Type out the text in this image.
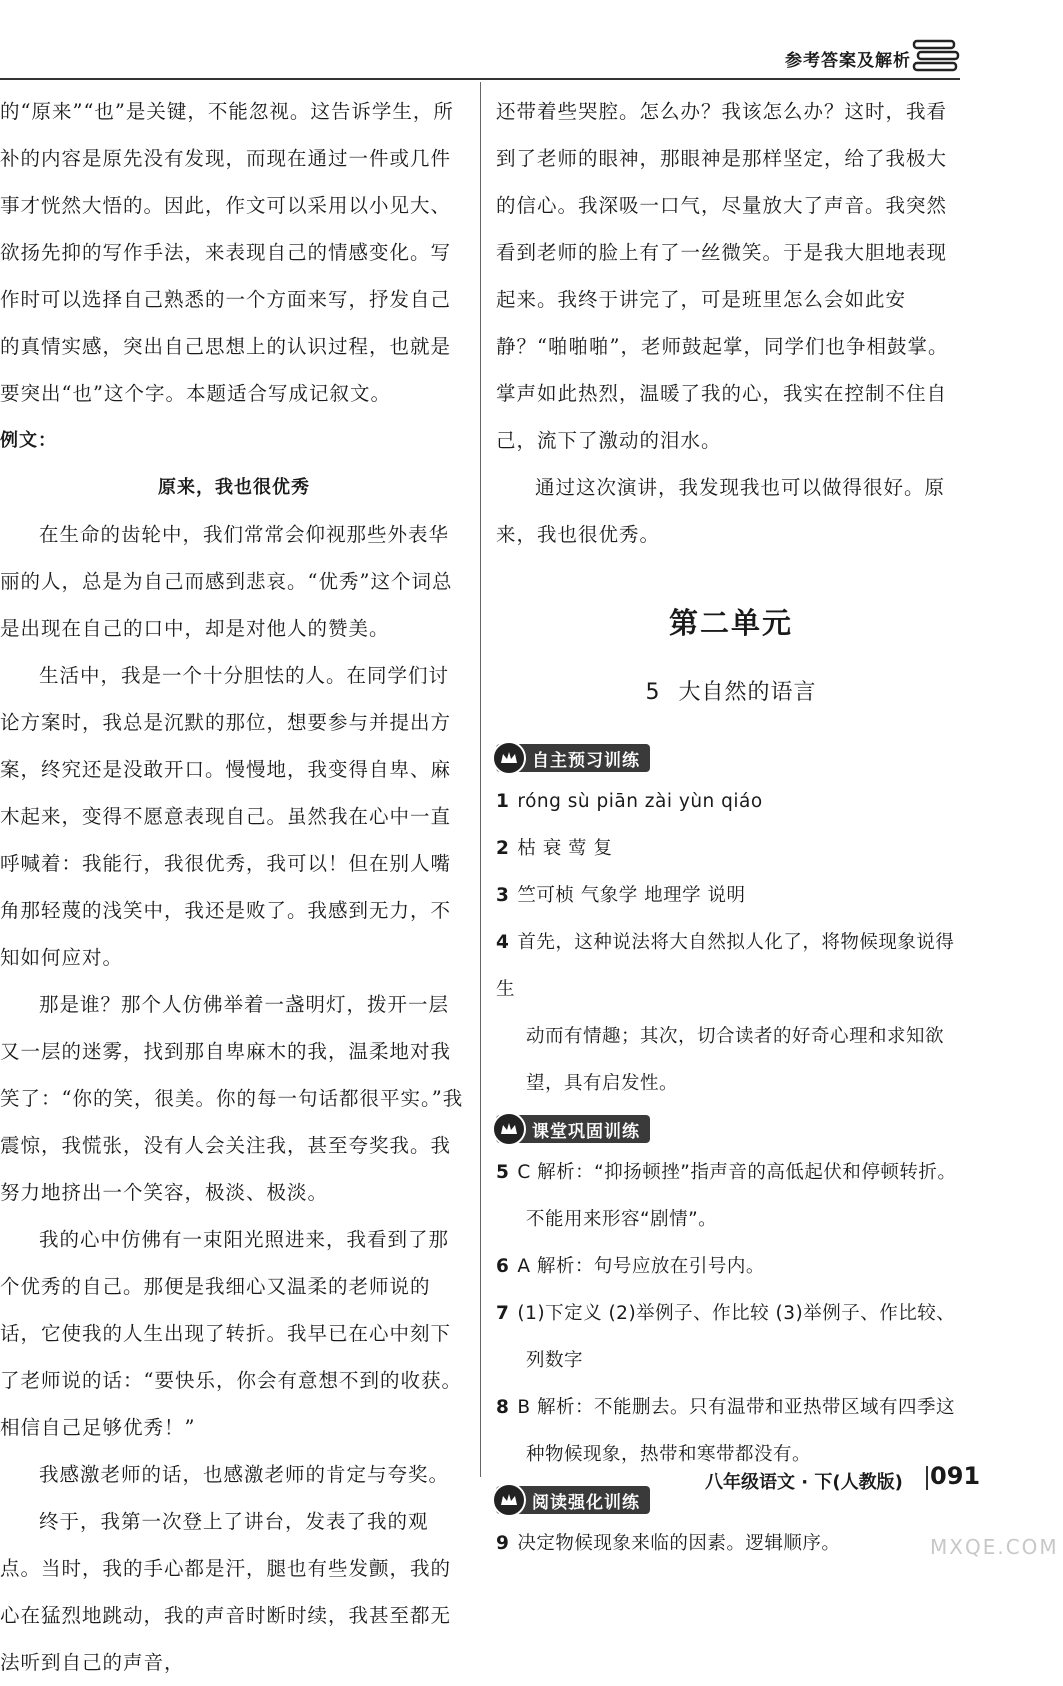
参考答案及解析

的“原来”“也”是关键，不能忽视。这告诉学生，所补的内容是原先没有发现，而现在通过一件或几件事才恍然大悟的。因此，作文可以采用以小见大、欲扬先抑的写作手法，来表现自己的情感变化。写作时可以选择自己熟悉的一个方面来写，抒发自己的真情实感，突出自己思想上的认识过程，也就是要突出“也”这个字。本题适合写成记叙文。

例文：

原来，我也很优秀

在生命的齿轮中，我们常常会仰视那些外表华丽的人，总是为自己而感到悲哀。“优秀”这个词总是出现在自己的口中，却是对他人的赞美。

生活中，我是一个十分胆怯的人。在同学们讨论方案时，我总是沉默的那位，想要参与并提出方案，终究还是没敢开口。慢慢地，我变得自卑、麻木起来，变得不愿意表现自己。虽然我在心中一直呼喊着：我能行，我很优秀，我可以！但在别人嘴角那轻蔑的浅笑中，我还是败了。我感到无力，不知如何应对。

那是谁？那个人仿佛举着一盏明灯，拨开一层又一层的迷雾，找到那自卑麻木的我，温柔地对我笑了：“你的笑，很美。你的每一句话都很平实。”我震惊，我慌张，没有人会关注我，甚至夸奖我。我努力地挤出一个笑容，极淡、极淡。

我的心中仿佛有一束阳光照进来，我看到了那个优秀的自己。那便是我细心又温柔的老师说的话，它使我的人生出现了转折。我早已在心中刻下了老师说的话：“要快乐，你会有意想不到的收获。相信自己足够优秀！”

我感激老师的话，也感激老师的肯定与夸奖。

终于，我第一次登上了讲台，发表了我的观点。当时，我的手心都是汗，腿也有些发颤，我的心在猛烈地跳动，我的声音时断时续，我甚至都无法听到自己的声音，

还带着些哭腔。怎么办？我该怎么办？这时，我看到了老师的眼神，那眼神是那样坚定，给了我极大的信心。我深吸一口气，尽量放大了声音。我突然看到老师的脸上有了一丝微笑。于是我大胆地表现起来。我终于讲完了，可是班里怎么会如此安静？“啪啪啪”，老师鼓起掌，同学们也争相鼓掌。掌声如此热烈，温暖了我的心，我实在控制不住自己，流下了激动的泪水。

通过这次演讲，我发现我也可以做得很好。原来，我也很优秀。

第二单元
5 大自然的语言
自主预习训练

1 róng sù piān zài yùn qiáo

2 枯 衰 莺 复

3 竺可桢 气象学 地理学 说明

4 首先，这种说法将大自然拟人化了，将物候现象说得生

动而有情趣；其次，切合读者的好奇心理和求知欲望，具有启发性。

课堂巩固训练

5 C 解析：“抑扬顿挫”指声音的高低起伏和停顿转折。

不能用来形容“剧情”。

6 A 解析：句号应放在引号内。

7 (1)下定义 (2)举例子、作比较 (3)举例子、作比较、

列数字

8 B 解析：不能删去。只有温带和亚热带区域有四季这

种物候现象，热带和寒带都没有。

阅读强化训练

9 决定物候现象来临的因素。逻辑顺序。

八年级语文 · 下(人教版) 091
MXQE.COM
